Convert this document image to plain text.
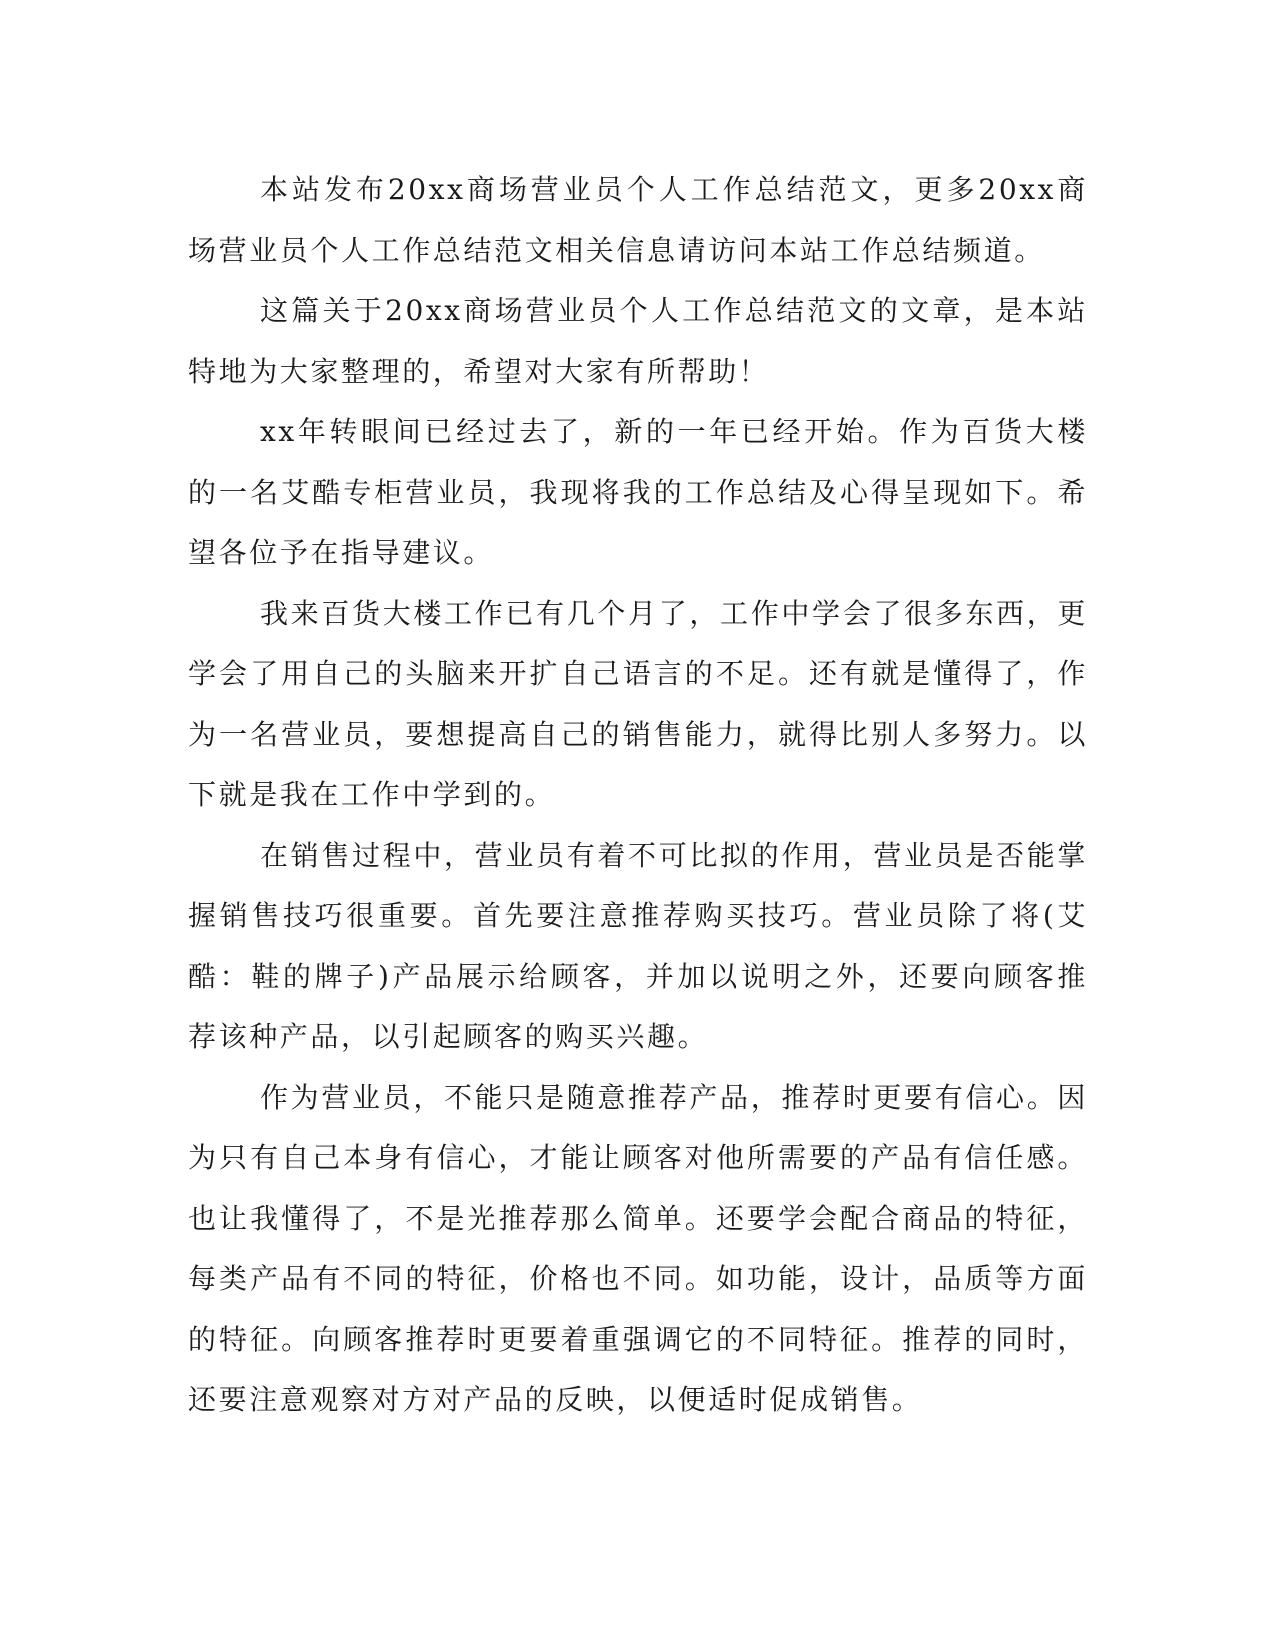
本站发布20xx商场营业员个人工作总结范文，更多20xx商场营业员个人工作总结范文相关信息请访问本站工作总结频道。

这篇关于20xx商场营业员个人工作总结范文的文章，是本站特地为大家整理的，希望对大家有所帮助！

xx年转眼间已经过去了，新的一年已经开始。作为百货大楼的一名艾酷专柜营业员，我现将我的工作总结及心得呈现如下。希望各位予在指导建议。

我来百货大楼工作已有几个月了，工作中学会了很多东西，更学会了用自己的头脑来开扩自己语言的不足。还有就是懂得了，作为一名营业员，要想提高自己的销售能力，就得比别人多努力。以下就是我在工作中学到的。

在销售过程中，营业员有着不可比拟的作用，营业员是否能掌握销售技巧很重要。首先要注意推荐购买技巧。营业员除了将(艾酷：鞋的牌子)产品展示给顾客，并加以说明之外，还要向顾客推荐该种产品，以引起顾客的购买兴趣。

作为营业员，不能只是随意推荐产品，推荐时更要有信心。因为只有自己本身有信心，才能让顾客对他所需要的产品有信任感。也让我懂得了，不是光推荐那么简单。还要学会配合商品的特征，每类产品有不同的特征，价格也不同。如功能，设计，品质等方面的特征。向顾客推荐时更要着重强调它的不同特征。推荐的同时，还要注意观察对方对产品的反映，以便适时促成销售。
